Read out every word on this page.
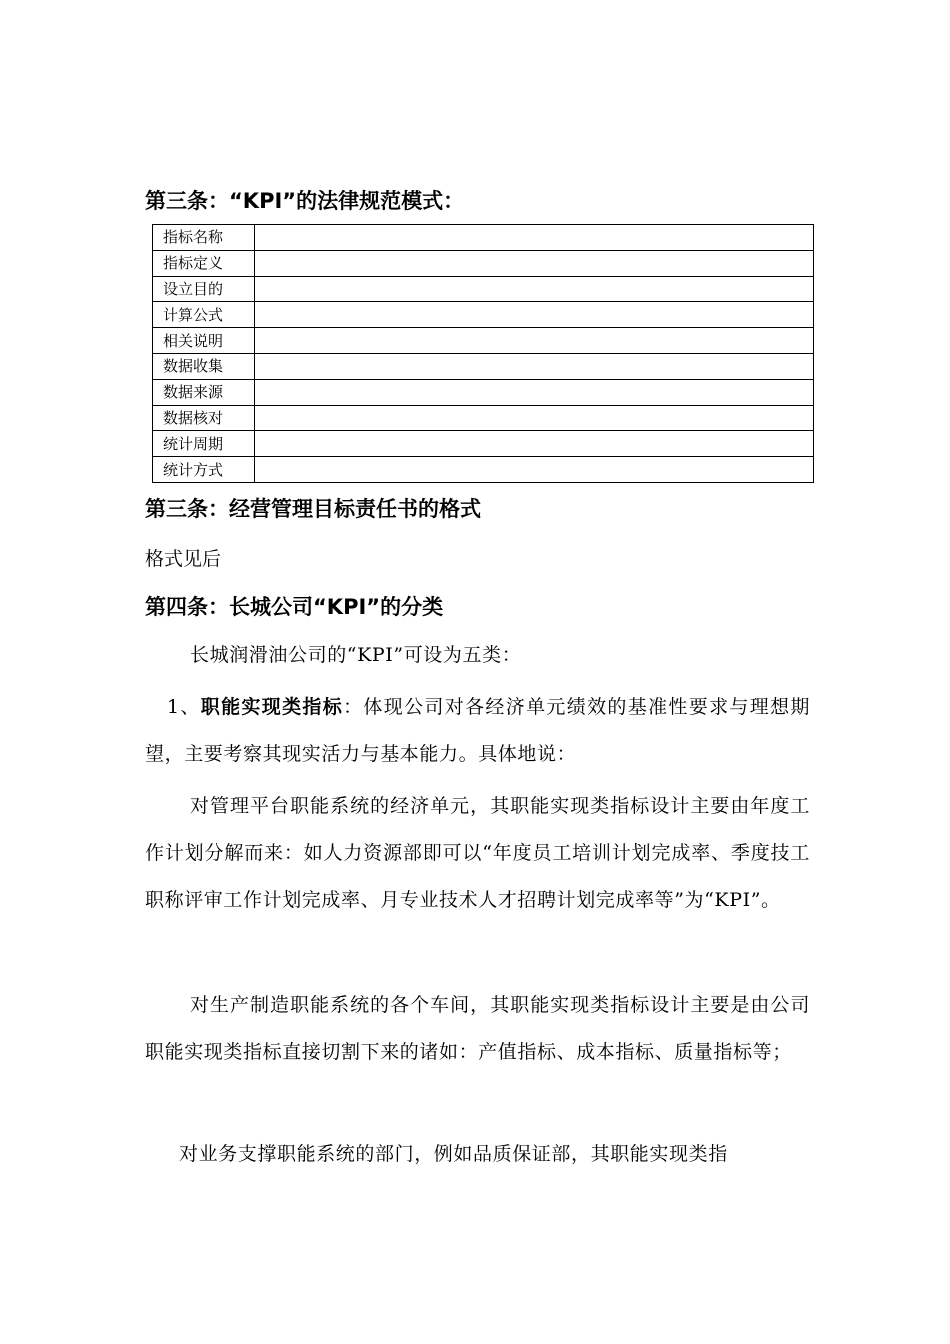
第三条：“KPI”的法律规范模式：
指标名称	
指标定义	
设立目的	
计算公式	
相关说明	
数据收集	
数据来源	
数据核对	
统计周期	
统计方式	
第三条：经营管理目标责任书的格式
格式见后
第四条：长城公司“KPI”的分类

长城润滑油公司的“KPI”可设为五类：

1、职能实现类指标：体现公司对各经济单元绩效的基准性要求与理想期望，主要考察其现实活力与基本能力。具体地说：

对管理平台职能系统的经济单元，其职能实现类指标设计主要由年度工作计划分解而来：如人力资源部即可以“年度员工培训计划完成率、季度技工职称评审工作计划完成率、月专业技术人才招聘计划完成率等”为“KPI”。

对生产制造职能系统的各个车间，其职能实现类指标设计主要是由公司职能实现类指标直接切割下来的诸如：产值指标、成本指标、质量指标等；

对业务支撑职能系统的部门，例如品质保证部，其职能实现类指
